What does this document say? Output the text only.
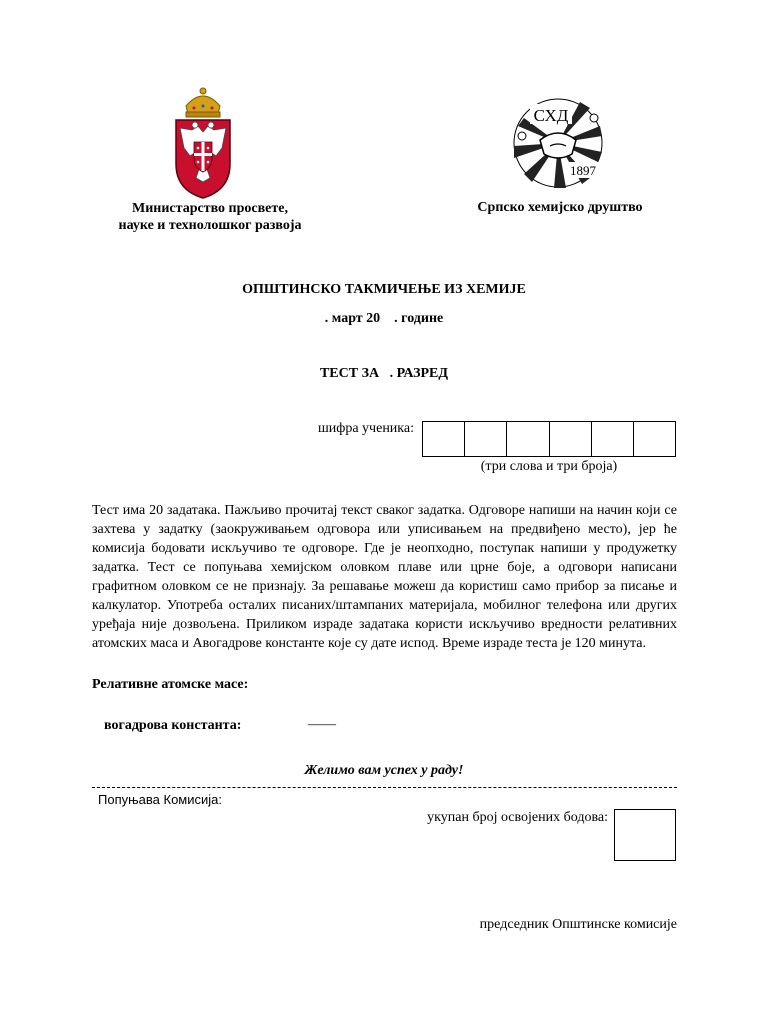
СХД
1897
Министарство просвете,
науке и технолошког развоја
Српско хемијско друштво
ОПШТИНСКО ТАКМИЧЕЊЕ ИЗ ХЕМИЈЕ
. март 20    . године
ТЕСТ ЗА   . РАЗРЕД
шифра ученика:
(три слова и три броја)
Тест има 20 задатака. Пажљиво прочитај текст сваког задатка. Одговоре напиши на начин који се захтева у задатку (заокруживањем одговора или уписивањем на предвиђено место), јер ће комисија бодовати искључиво те одговоре. Где је неопходно, поступак напиши у продужетку задатка. Тест се попуњава хемијском оловком плаве или црне боје, а одговори написани графитном оловком се не признају. За решавање можеш да користиш само прибор за писање и калкулатор. Употреба осталих писаних/штампаних материјала, мобилног телефона или других уређаја није дозвољена. Приликом израде задатака користи искључиво вредности релативних атомских маса и Авогадрове константе које су дате испод. Време израде теста је 120 минута.
Релативне атомске масе:
вогадрова константа:	——
Желимо вам успех у раду!
Попуњава Комисија:
укупан број освојених бодова:
председник Општинске комисије
